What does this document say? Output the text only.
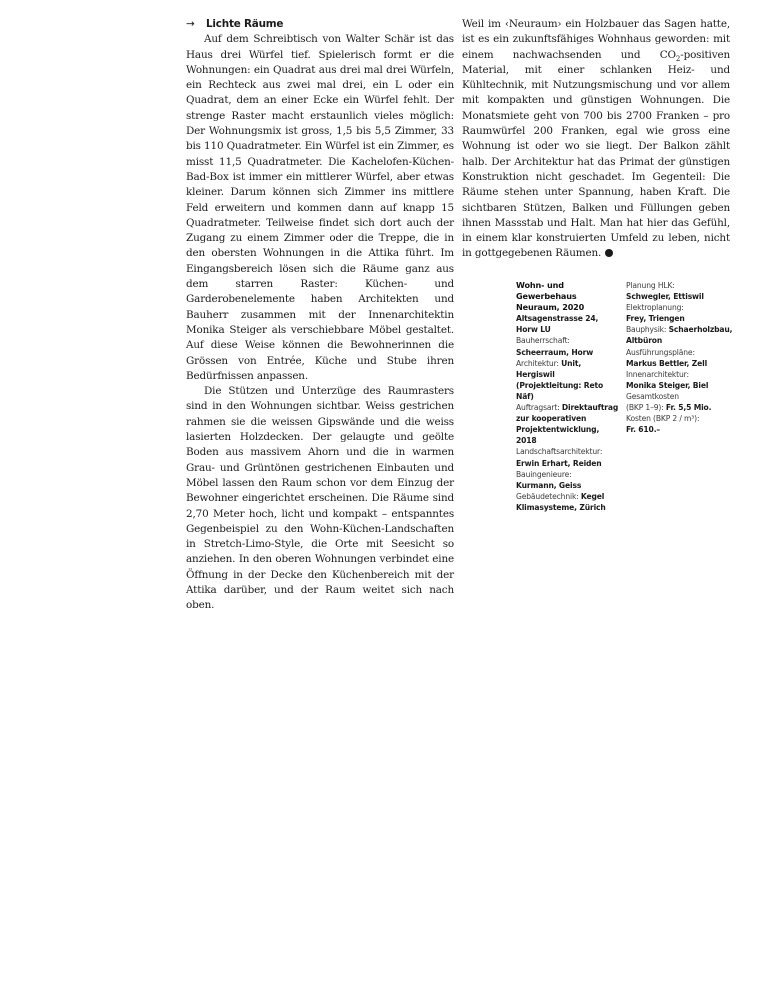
→ Lichte Räume

Auf dem Schreibtisch von Walter Schär ist das Haus drei Würfel tief. Spielerisch formt er die Wohnungen: ein Quadrat aus drei mal drei Würfeln, ein Rechteck aus zwei mal drei, ein L oder ein Quadrat, dem an einer Ecke ein Würfel fehlt. Der strenge Raster macht erstaunlich vieles möglich: Der Wohnungsmix ist gross, 1,5 bis 5,5 Zimmer, 33 bis 110 Quadratmeter. Ein Würfel ist ein Zimmer, es misst 11,5 Quadratmeter. Die Kachelofen-Küchen-Bad-Box ist immer ein mittlerer Würfel, aber etwas kleiner. Darum können sich Zimmer ins mittlere Feld erweitern und kommen dann auf knapp 15 Quadratmeter. Teilweise findet sich dort auch der Zugang zu einem Zimmer oder die Treppe, die in den obersten Wohnungen in die Attika führt. Im Eingangsbereich lösen sich die Räume ganz aus dem starren Raster: Küchen- und Garderobenelemente haben Architekten und Bauherr zusammen mit der Innenarchitektin Monika Steiger als verschiebbare Möbel gestaltet. Auf diese Weise können die Bewohnerinnen die Grössen von Entrée, Küche und Stube ihren Bedürfnissen anpassen.

Die Stützen und Unterzüge des Raumrasters sind in den Wohnungen sichtbar. Weiss gestrichen rahmen sie die weissen Gipswände und die weiss lasierten Holzdecken. Der gelaugte und geölte Boden aus massivem Ahorn und die in warmen Grau- und Grüntönen gestrichenen Einbauten und Möbel lassen den Raum schon vor dem Einzug der Bewohner eingerichtet erscheinen. Die Räume sind 2,70 Meter hoch, licht und kompakt – entspanntes Gegenbeispiel zu den Wohn-Küchen-Landschaften in Stretch-Limo-Style, die Orte mit Seesicht so anziehen. In den oberen Wohnungen verbindet eine Öffnung in der Decke den Küchenbereich mit der Attika darüber, und der Raum weitet sich nach oben.

Weil im ‹Neuraum› ein Holzbauer das Sagen hatte, ist es ein zukunftsfähiges Wohnhaus geworden: mit einem nachwachsenden und $CO_2$-positiven Material, mit einer schlanken Heiz- und Kühltechnik, mit Nutzungsmischung und vor allem mit kompakten und günstigen Wohnungen. Die Monatsmiete geht von 700 bis 2700 Franken – pro Raumwürfel 200 Franken, egal wie gross eine Wohnung ist oder wo sie liegt. Der Balkon zählt halb. Der Architektur hat das Primat der günstigen Konstruktion nicht geschadet. Im Gegenteil: Die Räume stehen unter Spannung, haben Kraft. Die sichtbaren Stützen, Balken und Füllungen geben ihnen Massstab und Halt. Man hat hier das Gefühl, in einem klar konstruierten Umfeld zu leben, nicht in gottgegebenen Räumen.

Wohn- und Gewerbehaus
Neuraum, 2020
Altsagenstrasse 24,
Horw LU
Bauherrschaft:
Scheerraum, Horw
Architektur: Unit, Hergiswil
(Projektleitung: Reto Näf)
Auftragsart: Direktauftrag
zur kooperativen
Projektentwicklung, 2018
Landschaftsarchitektur:
Erwin Erhart, Reiden
Bauingenieure:
Kurmann, Geiss
Gebäudetechnik: Kegel
Klimasysteme, Zürich
Planung HLK:
Schwegler, Ettiswil
Elektroplanung:
Frey, Triengen
Bauphysik: Schaerholzbau,
Altbüron
Ausführungspläne:
Markus Bettler, Zell
Innenarchitektur:
Monika Steiger, Biel
Gesamtkosten
(BKP 1–9): Fr. 5,5 Mio.
Kosten (BKP 2 / m³):
Fr. 610.–
